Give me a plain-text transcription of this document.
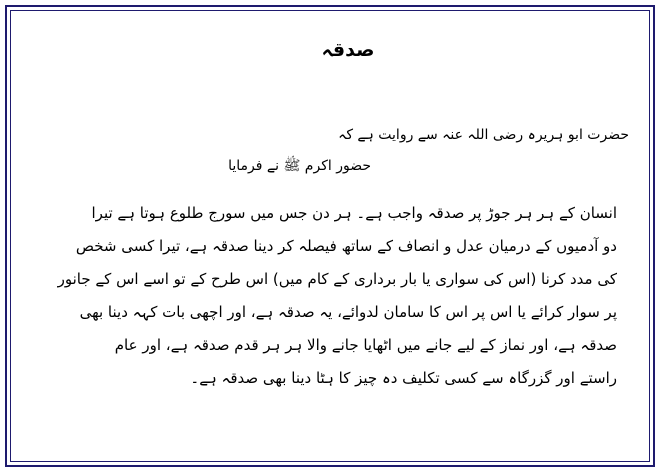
صدقہ
حضرت ابو ہریرہ رضی اللہ عنہ سے روایت ہے کہ
حضور اکرم ﷺ نے فرمایا
انسان کے ہر ہر جوڑ پر صدقہ واجب ہے۔ ہر دن جس میں سورج طلوع ہوتا ہے تیرا
دو آدمیوں کے درمیان عدل و انصاف کے ساتھ فیصلہ کر دینا صدقہ ہے، تیرا کسی شخص
کی مدد کرنا (اس کی سواری یا بار برداری کے کام میں) اس طرح کے تو اسے اس کے جانور
پر سوار کرائے یا اس پر اس کا سامان لدوائے، یہ صدقہ ہے، اور اچھی بات کہہ دینا بھی
صدقہ ہے، اور نماز کے لیے جانے میں اٹھایا جانے والا ہر ہر قدم صدقہ ہے، اور عام
راستے اور گزرگاہ سے کسی تکلیف دہ چیز کا ہٹا دینا بھی صدقہ ہے۔
